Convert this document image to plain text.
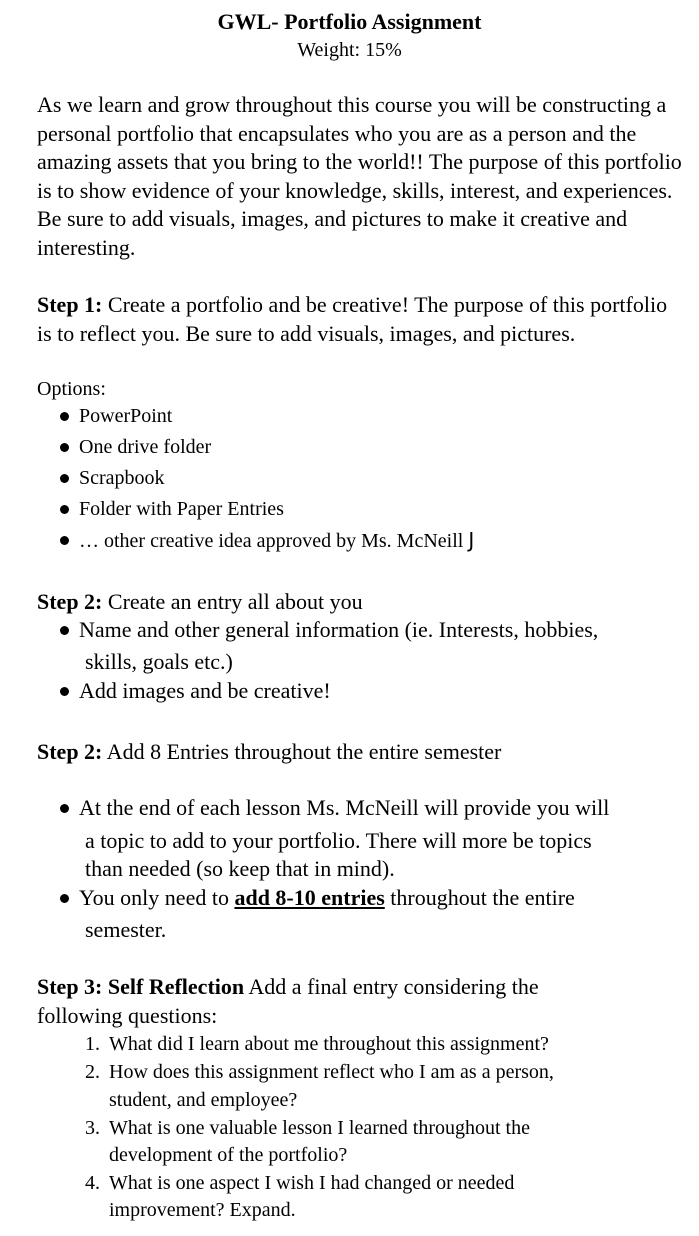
GWL- Portfolio Assignment

Weight: 15%

As we learn and grow throughout this course you will be constructing a personal portfolio that encapsulates who you are as a person and the amazing assets that you bring to the world!! The purpose of this portfolio is to show evidence of your knowledge, skills, interest, and experiences. Be sure to add visuals, images, and pictures to make it creative and interesting.

Step 1: Create a portfolio and be creative! The purpose of this portfolio is to reflect you. Be sure to add visuals, images, and pictures.

Options:

PowerPoint
One drive folder
Scrapbook
Folder with Paper Entries
… other creative idea approved by Ms. McNeill J

Step 2: Create an entry all about you

Name and other general information (ie. Interests, hobbies,
skills, goals etc.)
Add images and be creative!

Step 2: Add 8 Entries throughout the entire semester

At the end of each lesson Ms. McNeill will provide you will
a topic to add to your portfolio. There will more be topics
than needed (so keep that in mind).
You only need to add 8-10 entries throughout the entire
semester.

Step 3: Self Reflection Add a final entry considering the

following questions:

1. What did I learn about me throughout this assignment?
2. How does this assignment reflect who I am as a person,
student, and employee?
3. What is one valuable lesson I learned throughout the
development of the portfolio?
4. What is one aspect I wish I had changed or needed
improvement? Expand.
